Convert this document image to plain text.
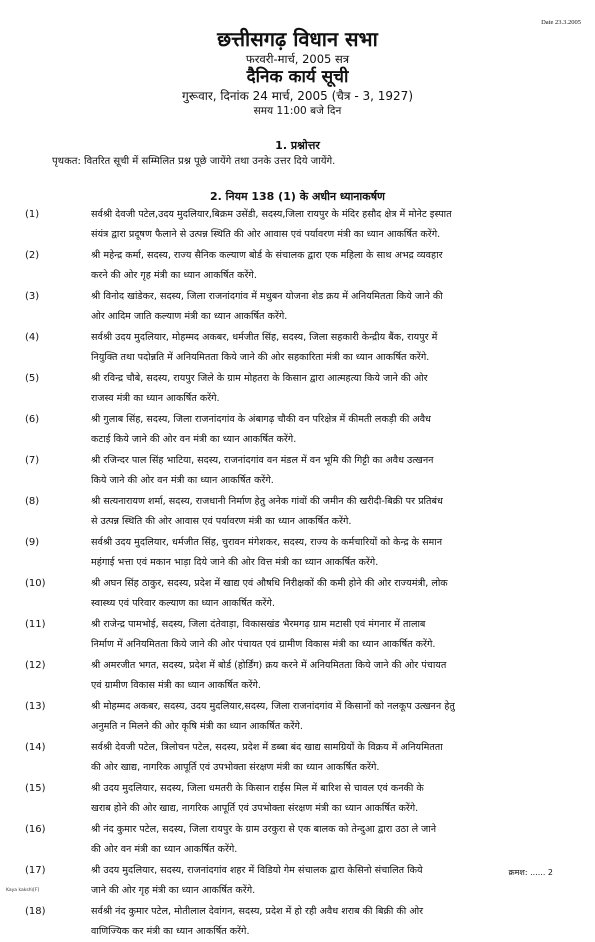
Date 23.3.2005
छत्तीसगढ़ विधान सभा
फरवरी-मार्च, 2005 सत्र
दैनिक कार्य सूची
गुरूवार, दिनांक 24 मार्च, 2005 (चैत्र - 3, 1927)
समय 11:00 बजे दिन
1. प्रश्नोत्तर
पृथकत: वितरित सूची में सम्मिलित प्रश्न पूछे जायेंगे तथा उनके उत्तर दिये जायेंगे.
2. नियम 138 (1) के अधीन ध्यानाकर्षण
(1)	सर्वश्री देवजी पटेल,उदय मुदलियार,बिक्रम उसेंडी, सदस्य,जिला रायपुर के मंदिर हसौद क्षेत्र में मोनेट इस्पात
संयंत्र द्वारा प्रदूषण फैलाने से उत्पन्न स्थिति की ओर आवास एवं पर्यावरण मंत्री का ध्यान आकर्षित करेंगे.
(2)	श्री महेन्द्र कर्मा, सदस्य, राज्य सैनिक कल्याण बोर्ड के संचालक द्वारा एक महिला के साथ अभद्र व्यवहार
करने की ओर गृह मंत्री का ध्यान आकर्षित करेंगे.
(3)	श्री विनोद खांडेकर, सदस्य, जिला राजनांदगांव में मधुबन योजना शेड क्रय में अनियमितता किये जाने की
ओर आदिम जाति कल्याण मंत्री का ध्यान आकर्षित करेंगे.
(4)	सर्वश्री उदय मुदलियार, मोहम्मद अकबर, धर्मजीत सिंह, सदस्य, जिला सहकारी केन्द्रीय बैंक, रायपुर में
नियुक्ति तथा पदोन्नति में अनियमितता किये जाने की ओर सहकारिता मंत्री का ध्यान आकर्षित करेंगे.
(5)	श्री रविन्द्र चौबे, सदस्य, रायपुर जिले के ग्राम मोहतरा के किसान द्वारा आत्महत्या किये जाने की ओर
राजस्व मंत्री का ध्यान आकर्षित करेंगे.
(6)	श्री गुलाब सिंह, सदस्य, जिला राजनांदगांव के अंबागढ़ चौकी वन परिक्षेत्र में कीमती लकड़ी की अवैध
कटाई किये जाने की ओर वन मंत्री का ध्यान आकर्षित करेंगे.
(7)	श्री रजिन्दर पाल सिंह भाटिया, सदस्य, राजनांदगांव वन मंडल में वन भूमि की गिट्टी का अवैध उत्खनन
किये जाने की ओर वन मंत्री का ध्यान आकर्षित करेंगे.
(8)	श्री सत्यनारायण शर्मा, सदस्य, राजधानी निर्माण हेतु अनेक गांवों की जमीन की खरीदी-बिक्री पर प्रतिबंध
से उत्पन्न स्थिति की ओर आवास एवं पर्यावरण मंत्री का ध्यान आकर्षित करेंगे.
(9)	सर्वश्री उदय मुदलियार, धर्मजीत सिंह, चुरावन मंगेशकर, सदस्य, राज्य के कर्मचारियों को केन्द्र के समान
महंगाई भत्ता एवं मकान भाड़ा दिये जाने की ओर वित्त मंत्री का ध्यान आकर्षित करेंगे.
(10)	श्री अघन सिंह ठाकुर, सदस्य, प्रदेश में खाद्य एवं औषधि निरीक्षकों की कमी होने की ओर राज्यमंत्री, लोक
स्वास्थ्य एवं परिवार कल्याण का ध्यान आकर्षित करेंगे.
(11)	श्री राजेन्द्र पामभोई, सदस्य, जिला दंतेवाड़ा, विकासखंड भैरमगढ़ ग्राम मटासी एवं मंगनार में तालाब
निर्माण में अनियमितता किये जाने की ओर पंचायत एवं ग्रामीण विकास मंत्री का ध्यान आकर्षित करेंगे.
(12)	श्री अमरजीत भगत, सदस्य, प्रदेश में बोर्ड (होर्डिंग) क्रय करने में अनियमितता किये जाने की ओर पंचायत
एवं ग्रामीण विकास मंत्री का ध्यान आकर्षित करेंगे.
(13)	श्री मोहम्मद अकबर, सदस्य, उदय मुदलियार,सदस्य, जिला राजनांदगांव में किसानों को नलकूप उत्खनन हेतु
अनुमति न मिलने की ओर कृषि मंत्री का ध्यान आकर्षित करेंगे.
(14)	सर्वश्री देवजी पटेल, त्रिलोचन पटेल, सदस्य, प्रदेश में डब्बा बंद खाद्य सामग्रियों के विक्रय में अनियमितता
की ओर खाद्य, नागरिक आपूर्ति एवं उपभोक्ता संरक्षण मंत्री का ध्यान आकर्षित करेंगे.
(15)	श्री उदय मुदलियार, सदस्य, जिला धमतरी के किसान राईस मिल में बारिश से चावल एवं कनकी के
खराब होने की ओर खाद्य, नागरिक आपूर्ति एवं उपभोक्ता संरक्षण मंत्री का ध्यान आकर्षित करेंगे.
(16)	श्री नंद कुमार पटेल, सदस्य, जिला रायपुर के ग्राम उरकुरा से एक बालक को तेन्दुआ द्वारा उठा ले जाने
की ओर वन मंत्री का ध्यान आकर्षित करेंगे.
(17)	श्री उदय मुदलियार, सदस्य, राजनांदगांव शहर में विडियो गेम संचालक द्वारा केसिनो संचालित किये
जाने की ओर गृह मंत्री का ध्यान आकर्षित करेंगे.
(18)	सर्वश्री नंद कुमार पटेल, मोतीलाल देवांगन, सदस्य, प्रदेश में हो रही अवैध शराब की बिक्री की ओर
वाणिज्यिक कर मंत्री का ध्यान आकर्षित करेंगे.
Kaya kaksh\[F]
क्रमश: ...... 2
